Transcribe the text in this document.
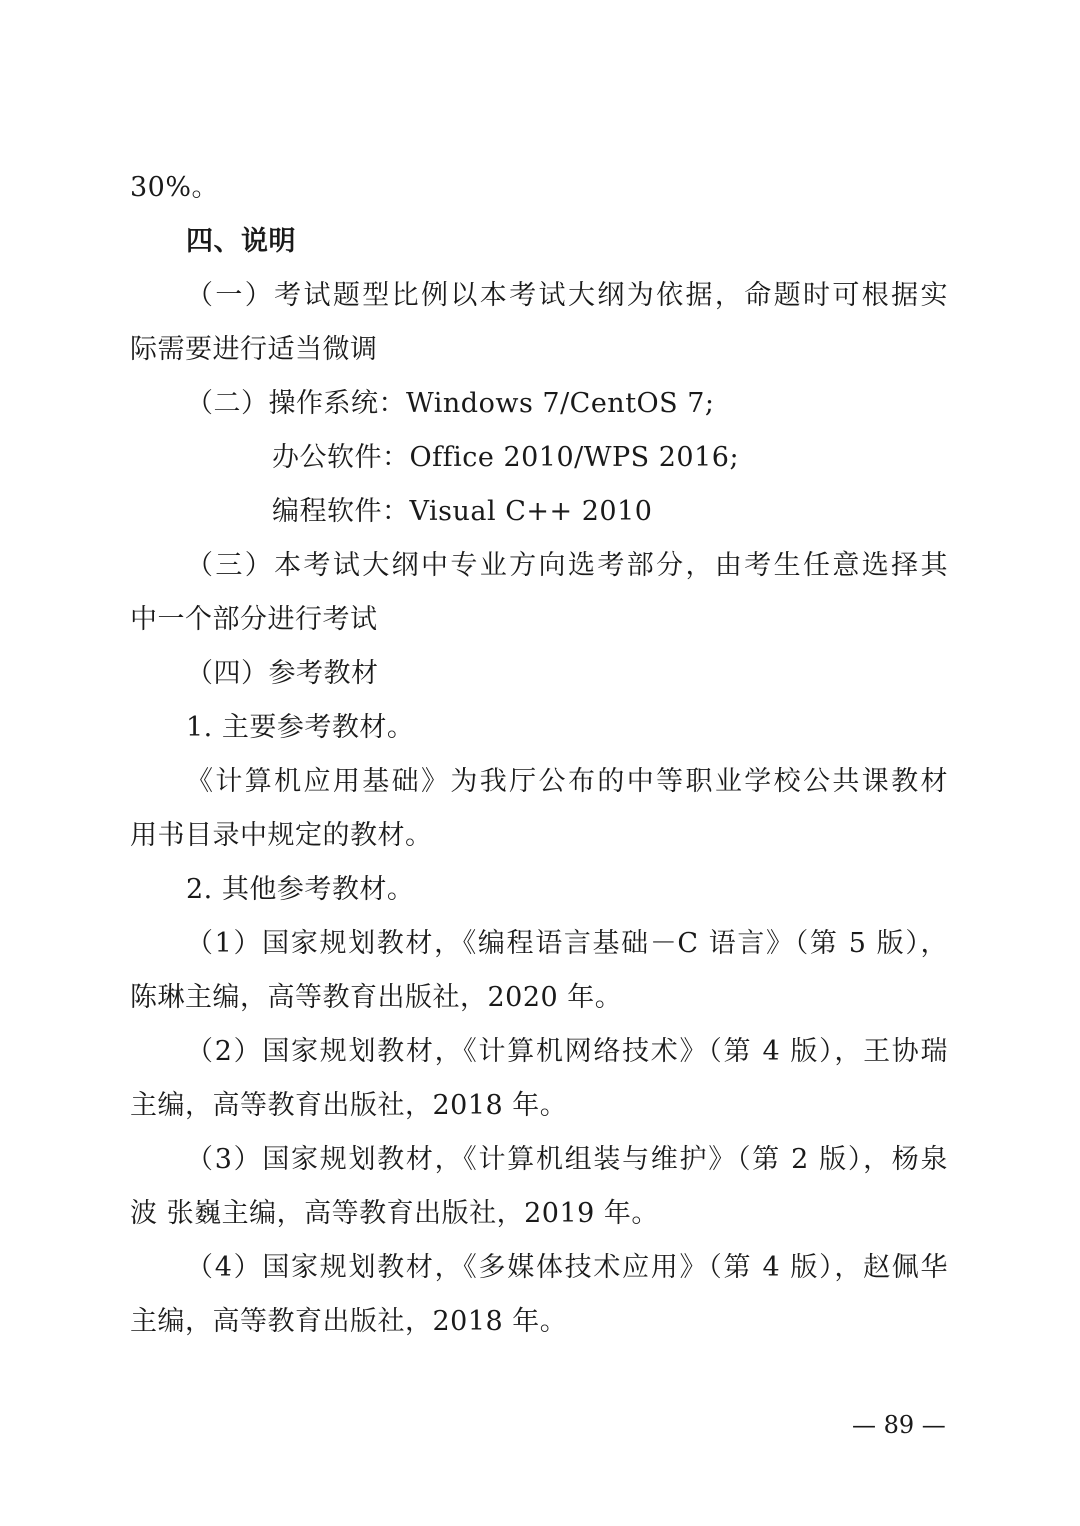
30%。
四、说明
（一）考试题型比例以本考试大纲为依据，命题时可根据实
际需要进行适当微调
（二）操作系统：Windows 7/CentOS 7;
办公软件：Office 2010/WPS 2016;
编程软件：Visual C++ 2010
（三）本考试大纲中专业方向选考部分，由考生任意选择其
中一个部分进行考试
（四）参考教材
1. 主要参考教材。
《计算机应用基础》为我厅公布的中等职业学校公共课教材
用书目录中规定的教材。
2. 其他参考教材。
（1）国家规划教材，《编程语言基础－C 语言》（第 5 版），
陈琳主编，高等教育出版社，2020 年。
（2）国家规划教材，《计算机网络技术》（第 4 版），王协瑞
主编，高等教育出版社，2018 年。
（3）国家规划教材，《计算机组装与维护》（第 2 版），杨泉
波 张巍主编，高等教育出版社，2019 年。
（4）国家规划教材，《多媒体技术应用》（第 4 版），赵佩华
主编，高等教育出版社，2018 年。
— 89 —
